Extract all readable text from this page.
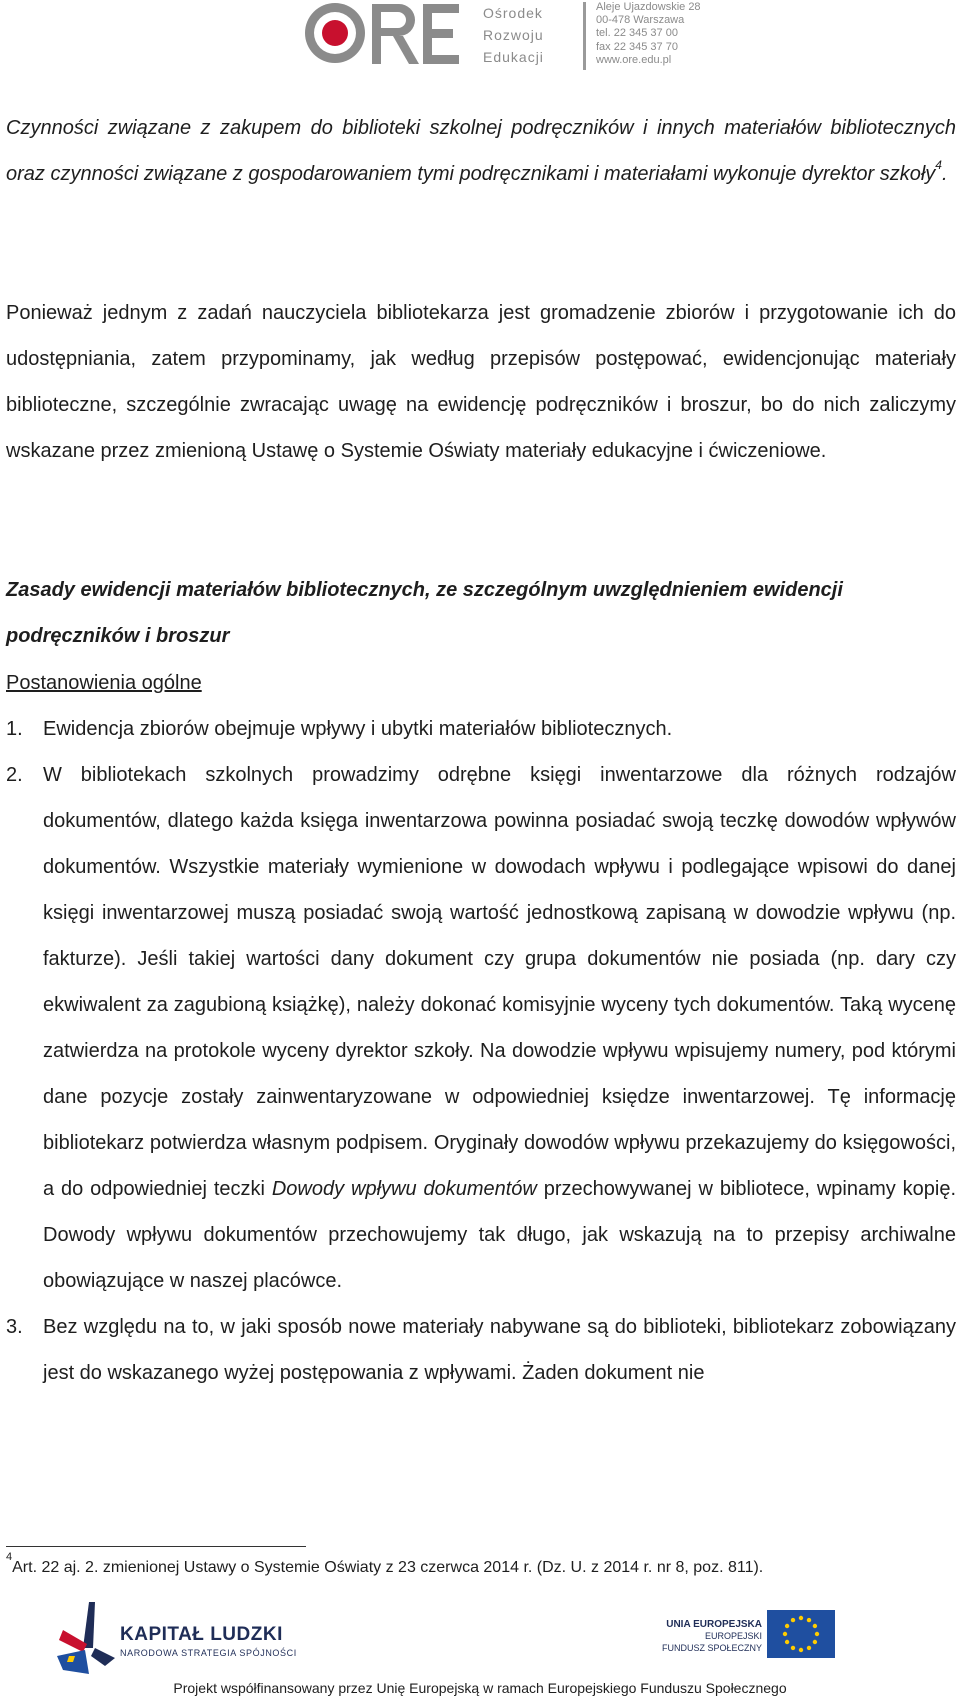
Ośrodek
Rozwoju
Edukacji
Aleje Ujazdowskie 28
00-478 Warszawa
tel. 22 345 37 00
fax 22 345 37 70
www.ore.edu.pl

Czynności związane z zakupem do biblioteki szkolnej podręczników i innych materiałów bibliotecznych oraz czynności związane z gospodarowaniem tymi podręcznikami i materiałami wykonuje dyrektor szkoły$^4$.

Ponieważ jednym z zadań nauczyciela bibliotekarza jest gromadzenie zbiorów i przygotowanie ich do udostępniania, zatem przypominamy, jak według przepisów postępować, ewidencjonując materiały biblioteczne, szczególnie zwracając uwagę na ewidencję podręczników i broszur, bo do nich zaliczymy wskazane przez zmienioną Ustawę o Systemie Oświaty materiały edukacyjne i ćwiczeniowe.

Zasady ewidencji materiałów bibliotecznych, ze szczególnym uwzględnieniem ewidencji podręczników i broszur

Postanowienia ogólne

1. Ewidencja zbiorów obejmuje wpływy i ubytki materiałów bibliotecznych.
2. W bibliotekach szkolnych prowadzimy odrębne księgi inwentarzowe dla różnych rodzajów dokumentów, dlatego każda księga inwentarzowa powinna posiadać swoją teczkę dowodów wpływów dokumentów. Wszystkie materiały wymienione w dowodach wpływu i podlegające wpisowi do danej księgi inwentarzowej muszą posiadać swoją wartość jednostkową zapisaną w dowodzie wpływu (np. fakturze). Jeśli takiej wartości dany dokument czy grupa dokumentów nie posiada (np. dary czy ekwiwalent za zagubioną książkę), należy dokonać komisyjnie wyceny tych dokumentów. Taką wycenę zatwierdza na protokole wyceny dyrektor szkoły. Na dowodzie wpływu wpisujemy numery, pod którymi dane pozycje zostały zainwentaryzowane w odpowiedniej księdze inwentarzowej. Tę informację bibliotekarz potwierdza własnym podpisem. Oryginały dowodów wpływu przekazujemy do księgowości, a do odpowiedniej teczki Dowody wpływu dokumentów przechowywanej w bibliotece, wpinamy kopię. Dowody wpływu dokumentów przechowujemy tak długo, jak wskazują na to przepisy archiwalne obowiązujące w naszej placówce.
3. Bez względu na to, w jaki sposób nowe materiały nabywane są do biblioteki, bibliotekarz zobowiązany jest do wskazanego wyżej postępowania z wpływami. Żaden dokument nie
$^4$Art. 22 aj. 2. zmienionej Ustawy o Systemie Oświaty z 23 czerwca 2014 r. (Dz. U. z 2014 r. nr 8, poz. 811).
KAPITAŁ LUDZKI
NARODOWA STRATEGIA SPÓJNOŚCI
UNIA EUROPEJSKA
EUROPEJSKI
FUNDUSZ SPOŁECZNY
Projekt współfinansowany przez Unię Europejską w ramach Europejskiego Funduszu Społecznego
